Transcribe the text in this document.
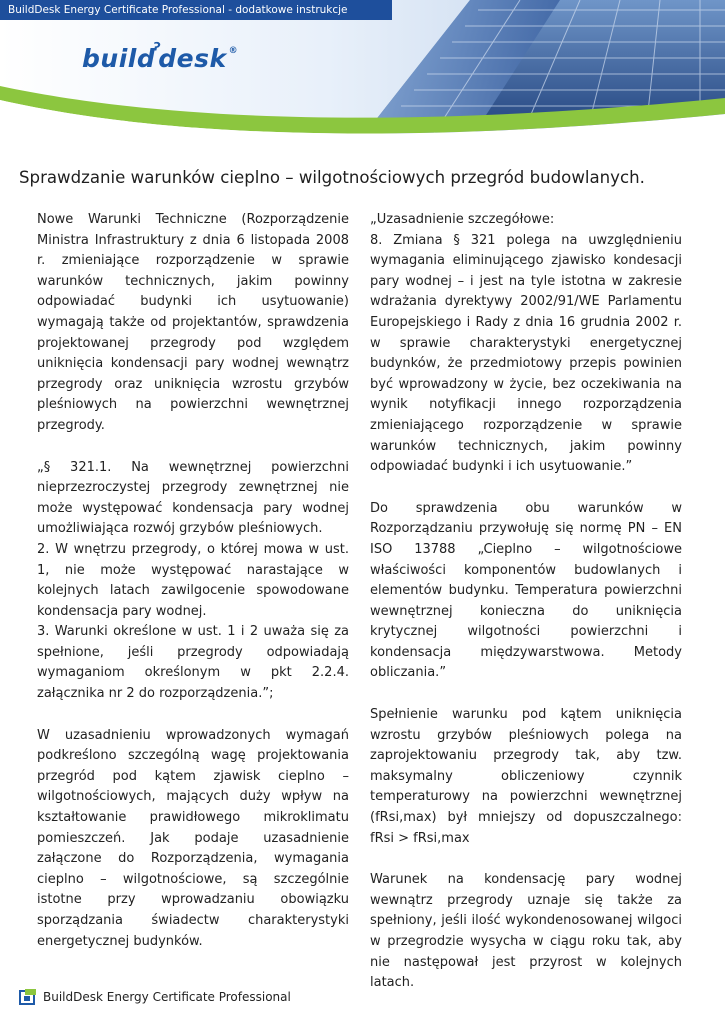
BuildDesk Energy Certificate Professional - dodatkowe instrukcje
build$^ˀ$desk ®
Sprawdzanie warunków cieplno – wilgotnościowych przegród budowlanych.

Nowe Warunki Techniczne (Rozporządzenie Ministra Infrastruktury z dnia 6 listopada 2008 r. zmieniające rozporządzenie w sprawie warunków technicznych, jakim powinny odpowiadać budynki ich usytuowanie) wymagają także od projektantów, sprawdzenia projektowanej przegrody pod względem uniknięcia kondensacji pary wodnej wewnątrz przegrody oraz uniknięcia wzrostu grzybów pleśniowych na powierzchni wewnętrznej przegrody.

„§ 321.1. Na wewnętrznej powierzchni nieprzezroczystej przegrody zewnętrznej nie może występować kondensacja pary wodnej umożliwiająca rozwój grzybów pleśniowych.
2. W wnętrzu przegrody, o której mowa w ust. 1, nie może występować narastające w kolejnych latach zawilgocenie spowodowane kondensacja pary wodnej.
3. Warunki określone w ust. 1 i 2 uważa się za spełnione, jeśli przegrody odpowiadają wymaganiom określonym w pkt 2.2.4. załącznika nr 2 do rozporządzenia.”;

W uzasadnieniu wprowadzonych wymagań podkreślono szczególną wagę projektowania przegród pod kątem zjawisk cieplno – wilgotnościowych, mających duży wpływ na kształtowanie prawidłowego mikroklimatu pomieszczeń. Jak podaje uzasadnienie załączone do Rozporządzenia, wymagania cieplno – wilgotnościowe, są szczególnie istotne przy wprowadzaniu obowiązku sporządzania świadectw charakterystyki energetycznej budynków.

„Uzasadnienie szczegółowe:
8. Zmiana § 321 polega na uwzględnieniu wymagania eliminującego zjawisko kondesacji pary wodnej – i jest na tyle istotna w zakresie wdrażania dyrektywy 2002/91/WE Parlamentu Europejskiego i Rady z dnia 16 grudnia 2002 r. w sprawie charakterystyki energetycznej budynków, że przedmiotowy przepis powinien być wprowadzony w życie, bez oczekiwania na wynik notyfikacji innego rozporządzenia zmieniającego rozporządzenie w sprawie warunków technicznych, jakim powinny odpowiadać budynki i ich usytuowanie.”

Do sprawdzenia obu warunków w Rozporządzaniu przywołuję się normę PN – EN ISO 13788 „Cieplno – wilgotnościowe właściwości komponentów budowlanych i elementów budynku. Temperatura powierzchni wewnętrznej konieczna do uniknięcia krytycznej wilgotności powierzchni i kondensacja międzywarstwowa. Metody obliczania.”

Spełnienie warunku pod kątem uniknięcia wzrostu grzybów pleśniowych polega na zaprojektowaniu przegrody tak, aby tzw. maksymalny obliczeniowy czynnik temperaturowy na powierzchni wewnętrznej (fRsi,max) był mniejszy od dopuszczalnego: fRsi > fRsi,max

Warunek na kondensację pary wodnej wewnątrz przegrody uznaje się także za spełniony, jeśli ilość wykondenosowanej wilgoci w przegrodzie wysycha w ciągu roku tak, aby nie następował jest przyrost w kolejnych latach.

BuildDesk Energy Certificate Professional
